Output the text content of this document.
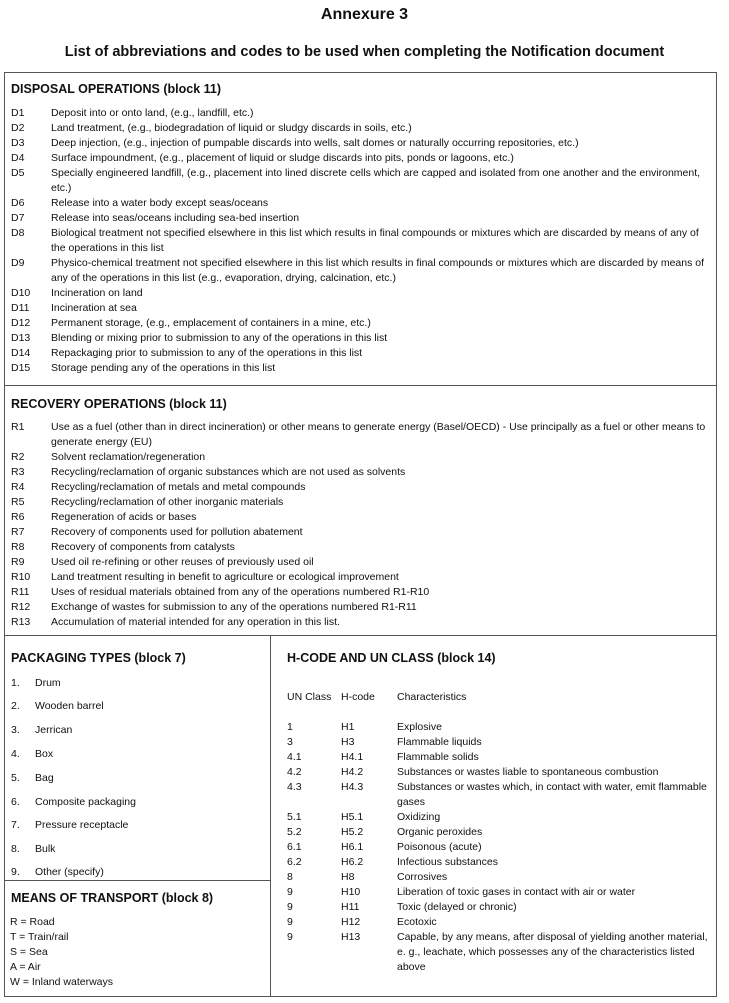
Annexure 3
List of abbreviations and codes to be used when completing the Notification document
DISPOSAL OPERATIONS (block 11)
D1	Deposit into or onto land, (e.g., landfill, etc.)
D2	Land treatment, (e.g., biodegradation of liquid or sludgy discards in soils, etc.)
D3	Deep injection, (e.g., injection of pumpable discards into wells, salt domes or naturally occurring repositories, etc.)
D4	Surface impoundment, (e.g., placement of liquid or sludge discards into pits, ponds or lagoons, etc.)
D5	Specially engineered landfill, (e.g., placement into lined discrete cells which are capped and isolated from one another and the environment, etc.)
D6	Release into a water body except seas/oceans
D7	Release into seas/oceans including sea-bed insertion
D8	Biological treatment not specified elsewhere in this list which results in final compounds or mixtures which are discarded by means of any of the operations in this list
D9	Physico-chemical treatment not specified elsewhere in this list which results in final compounds or mixtures which are discarded by means of any of the operations in this list (e.g., evaporation, drying, calcination, etc.)
D10 Incineration on land
D11 Incineration at sea
D12 Permanent storage, (e.g., emplacement of containers in a mine, etc.)
D13 Blending or mixing prior to submission to any of the operations in this list
D14 Repackaging prior to submission to any of the operations in this list
D15 Storage pending any of the operations in this list
RECOVERY OPERATIONS (block 11)
R1	Use as a fuel (other than in direct incineration) or other means to generate energy (Basel/OECD) - Use principally as a fuel or other means to generate energy (EU)
R2	Solvent reclamation/regeneration
R3	Recycling/reclamation of organic substances which are not used as solvents
R4	Recycling/reclamation of metals and metal compounds
R5	Recycling/reclamation of other inorganic materials
R6	Regeneration of acids or bases
R7	Recovery of components used for pollution abatement
R8	Recovery of components from catalysts
R9	Used oil re-refining or other reuses of previously used oil
R10 Land treatment resulting in benefit to agriculture or ecological improvement
R11 Uses of residual materials obtained from any of the operations numbered R1-R10
R12 Exchange of wastes for submission to any of the operations numbered R1-R11
R13 Accumulation of material intended for any operation in this list.
PACKAGING TYPES (block 7)
1. Drum
2. Wooden barrel
3. Jerrican
4. Box
5. Bag
6. Composite packaging
7. Pressure receptacle
8. Bulk
9. Other (specify)
MEANS OF TRANSPORT (block 8)
R = Road
T = Train/rail
S = Sea
A = Air
W = Inland waterways
H-CODE AND UN CLASS (block 14)
UN Class H-code Characteristics
1	H1	Explosive
3	H3	Flammable liquids
4.1	H4.1	Flammable solids
4.2	H4.2	Substances or wastes liable to spontaneous combustion
4.3	H4.3	Substances or wastes which, in contact with water, emit flammable gases
5.1	H5.1	Oxidizing
5.2	H5.2	Organic peroxides
6.1	H6.1	Poisonous (acute)
6.2	H6.2	Infectious substances
8	H8	Corrosives
9	H10	Liberation of toxic gases in contact with air or water
9	H11	Toxic (delayed or chronic)
9	H12	Ecotoxic
9	H13	Capable, by any means, after disposal of yielding another material, e. g., leachate, which possesses any of the characteristics listed above
